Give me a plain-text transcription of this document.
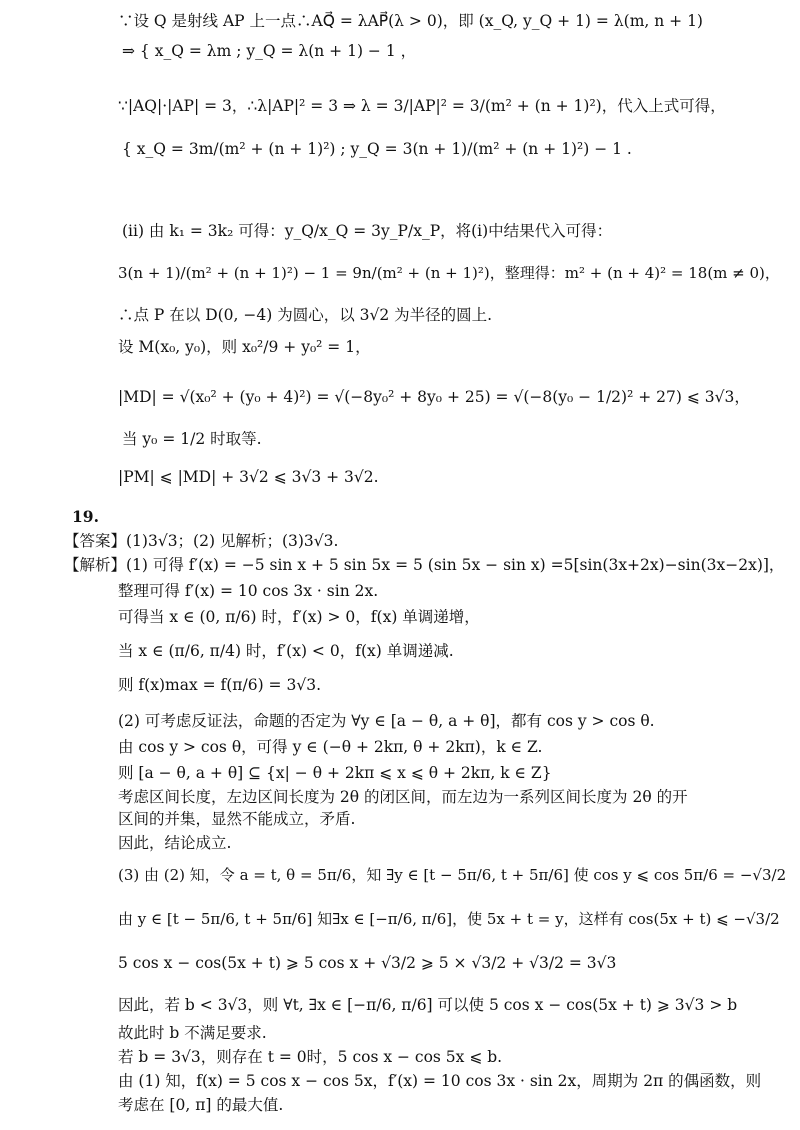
∵设 Q 是射线 AP 上一点∴AQ⃗ = λAP⃗(λ > 0)，即 (x_Q, y_Q + 1) = λ(m, n + 1)
⇒ { x_Q = λm ; y_Q = λ(n + 1) − 1 ，
∵|AQ|·|AP| = 3，∴λ|AP|² = 3 ⇒ λ = 3/|AP|² = 3/(m² + (n + 1)²)，代入上式可得，
{ x_Q = 3m/(m² + (n + 1)²) ; y_Q = 3(n + 1)/(m² + (n + 1)²) − 1 .
(ii) 由 k₁ = 3k₂ 可得：y_Q/x_Q = 3y_P/x_P，将(i)中结果代入可得：
3(n + 1)/(m² + (n + 1)²) − 1 = 9n/(m² + (n + 1)²)，整理得：m² + (n + 4)² = 18(m ≠ 0)，
∴点 P 在以 D(0, −4) 为圆心，以 3√2 为半径的圆上.
设 M(x₀, y₀)，则 x₀²/9 + y₀² = 1，
|MD| = √(x₀² + (y₀ + 4)²) = √(−8y₀² + 8y₀ + 25) = √(−8(y₀ − 1/2)² + 27) ⩽ 3√3，
当 y₀ = 1/2 时取等.
|PM| ⩽ |MD| + 3√2 ⩽ 3√3 + 3√2.
19.
【答案】(1)3√3；(2) 见解析；(3)3√3.
【解析】(1) 可得 f′(x) = −5 sin x + 5 sin 5x = 5 (sin 5x − sin x) =5[sin(3x+2x)−sin(3x−2x)]，
整理可得 f′(x) = 10 cos 3x · sin 2x.
可得当 x ∈ (0, π/6) 时，f′(x) > 0，f(x) 单调递增，
当 x ∈ (π/6, π/4) 时，f′(x) < 0，f(x) 单调递减.
则 f(x)max = f(π/6) = 3√3.
(2) 可考虑反证法，命题的否定为 ∀y ∈ [a − θ, a + θ]，都有 cos y > cos θ.
由 cos y > cos θ，可得 y ∈ (−θ + 2kπ, θ + 2kπ)，k ∈ Z.
则 [a − θ, a + θ] ⊆ {x| − θ + 2kπ ⩽ x ⩽ θ + 2kπ, k ∈ Z}
考虑区间长度，左边区间长度为 2θ 的闭区间，而左边为一系列区间长度为 2θ 的开
区间的并集，显然不能成立，矛盾.
因此，结论成立.
(3) 由 (2) 知，令 a = t, θ = 5π/6，知 ∃y ∈ [t − 5π/6, t + 5π/6] 使 cos y ⩽ cos 5π/6 = −√3/2
由 y ∈ [t − 5π/6, t + 5π/6] 知∃x ∈ [−π/6, π/6]，使 5x + t = y，这样有 cos(5x + t) ⩽ −√3/2
5 cos x − cos(5x + t) ⩾ 5 cos x + √3/2 ⩾ 5 × √3/2 + √3/2 = 3√3
因此，若 b < 3√3，则 ∀t, ∃x ∈ [−π/6, π/6] 可以使 5 cos x − cos(5x + t) ⩾ 3√3 > b
故此时 b 不满足要求.
若 b = 3√3，则存在 t = 0时，5 cos x − cos 5x ⩽ b.
由 (1) 知，f(x) = 5 cos x − cos 5x，f′(x) = 10 cos 3x · sin 2x，周期为 2π 的偶函数，则
考虑在 [0, π] 的最大值.
